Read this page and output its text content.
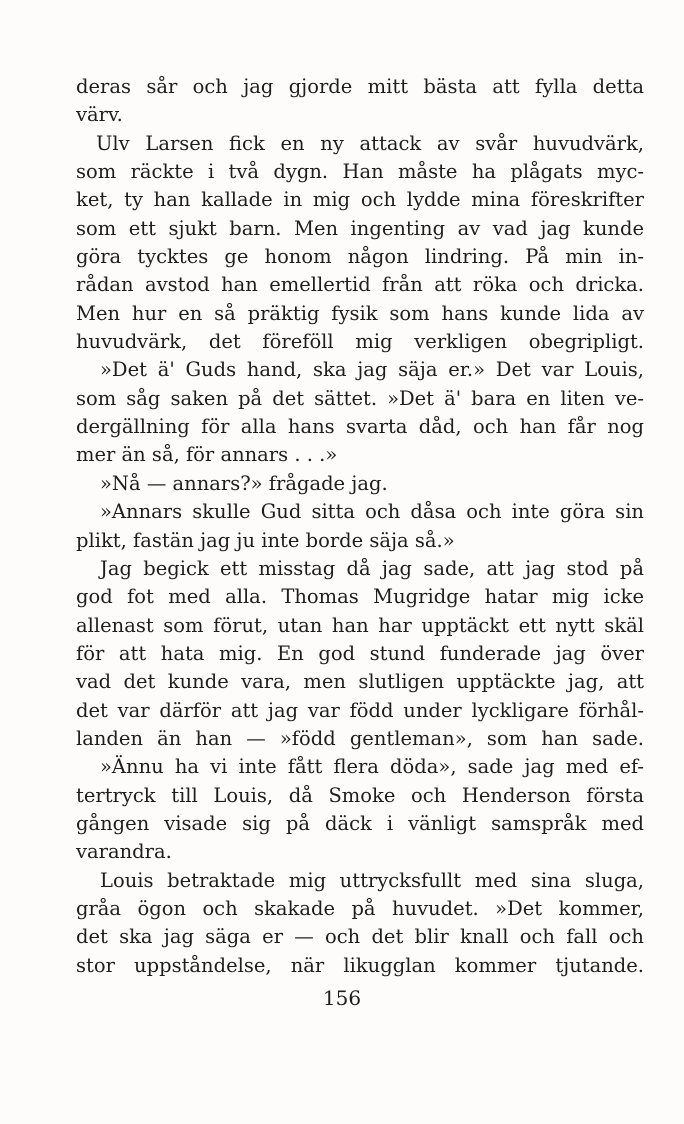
deras sår och jag gjorde mitt bästa att fylla detta
värv.
Ulv Larsen fick en ny attack av svår huvudvärk,
som räckte i två dygn. Han måste ha plågats myc-
ket, ty han kallade in mig och lydde mina föreskrifter
som ett sjukt barn. Men ingenting av vad jag kunde
göra tycktes ge honom någon lindring. På min in-
rådan avstod han emellertid från att röka och dricka.
Men hur en så präktig fysik som hans kunde lida av
huvudvärk, det föreföll mig verkligen obegripligt.
»Det ä' Guds hand, ska jag säja er.» Det var Louis,
som såg saken på det sättet. »Det ä' bara en liten ve-
dergällning för alla hans svarta dåd, och han får nog
mer än så, för annars . . .»
»Nå — annars?» frågade jag.
»Annars skulle Gud sitta och dåsa och inte göra sin
plikt, fastän jag ju inte borde säja så.»
Jag begick ett misstag då jag sade, att jag stod på
god fot med alla. Thomas Mugridge hatar mig icke
allenast som förut, utan han har upptäckt ett nytt skäl
för att hata mig. En god stund funderade jag över
vad det kunde vara, men slutligen upptäckte jag, att
det var därför att jag var född under lyckligare förhål-
landen än han — »född gentleman», som han sade.
»Ännu ha vi inte fått flera döda», sade jag med ef-
tertryck till Louis, då Smoke och Henderson första
gången visade sig på däck i vänligt samspråk med
varandra.
Louis betraktade mig uttrycksfullt med sina sluga,
gråa ögon och skakade på huvudet. »Det kommer,
det ska jag säga er — och det blir knall och fall och
stor uppståndelse, när likugglan kommer tjutande.
156
